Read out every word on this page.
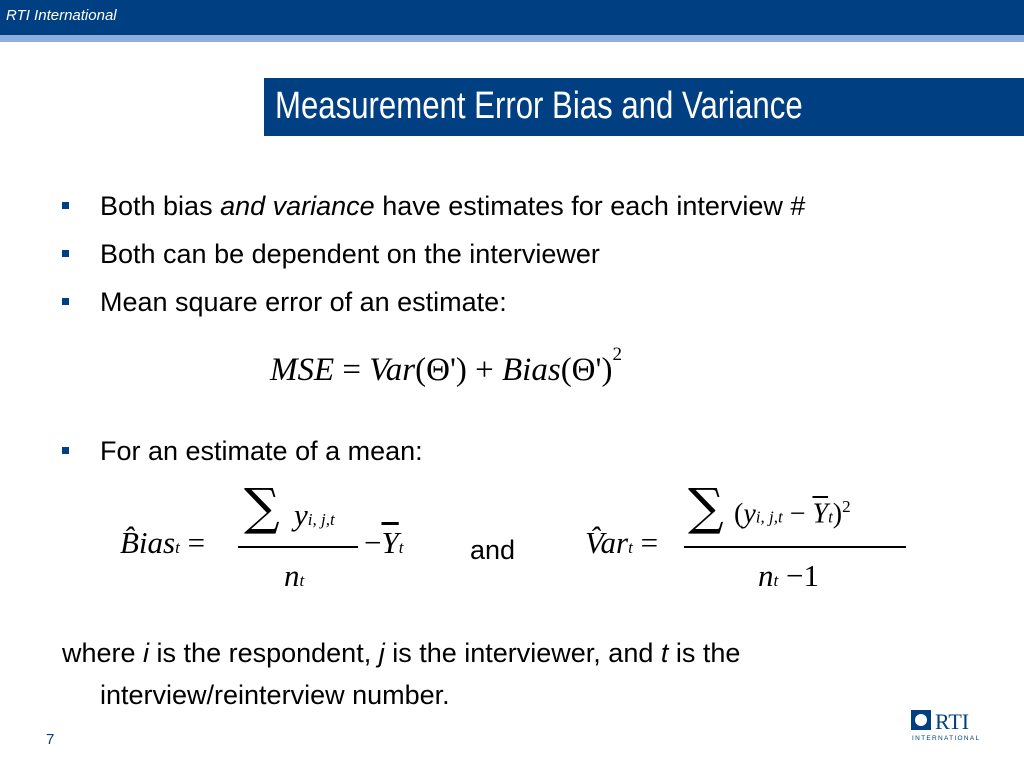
RTI International
Measurement Error Bias and Variance
Both bias and variance have estimates for each interview #
Both can be dependent on the interviewer
Mean square error of an estimate:
MSE = $Var(\Theta') + Bias(\Theta')^2$
For an estimate of a mean:
B̂iast =
∑ yi, j,t
nt
$-\overline{Y}t$ and V̂art =
∑ (yi, $j,t - \overline{Y}t)^2$
nt −1
where i is the respondent, j is the interviewer, and t is the
interview/reinterview number.
7
RTI
INTERNATIONAL
